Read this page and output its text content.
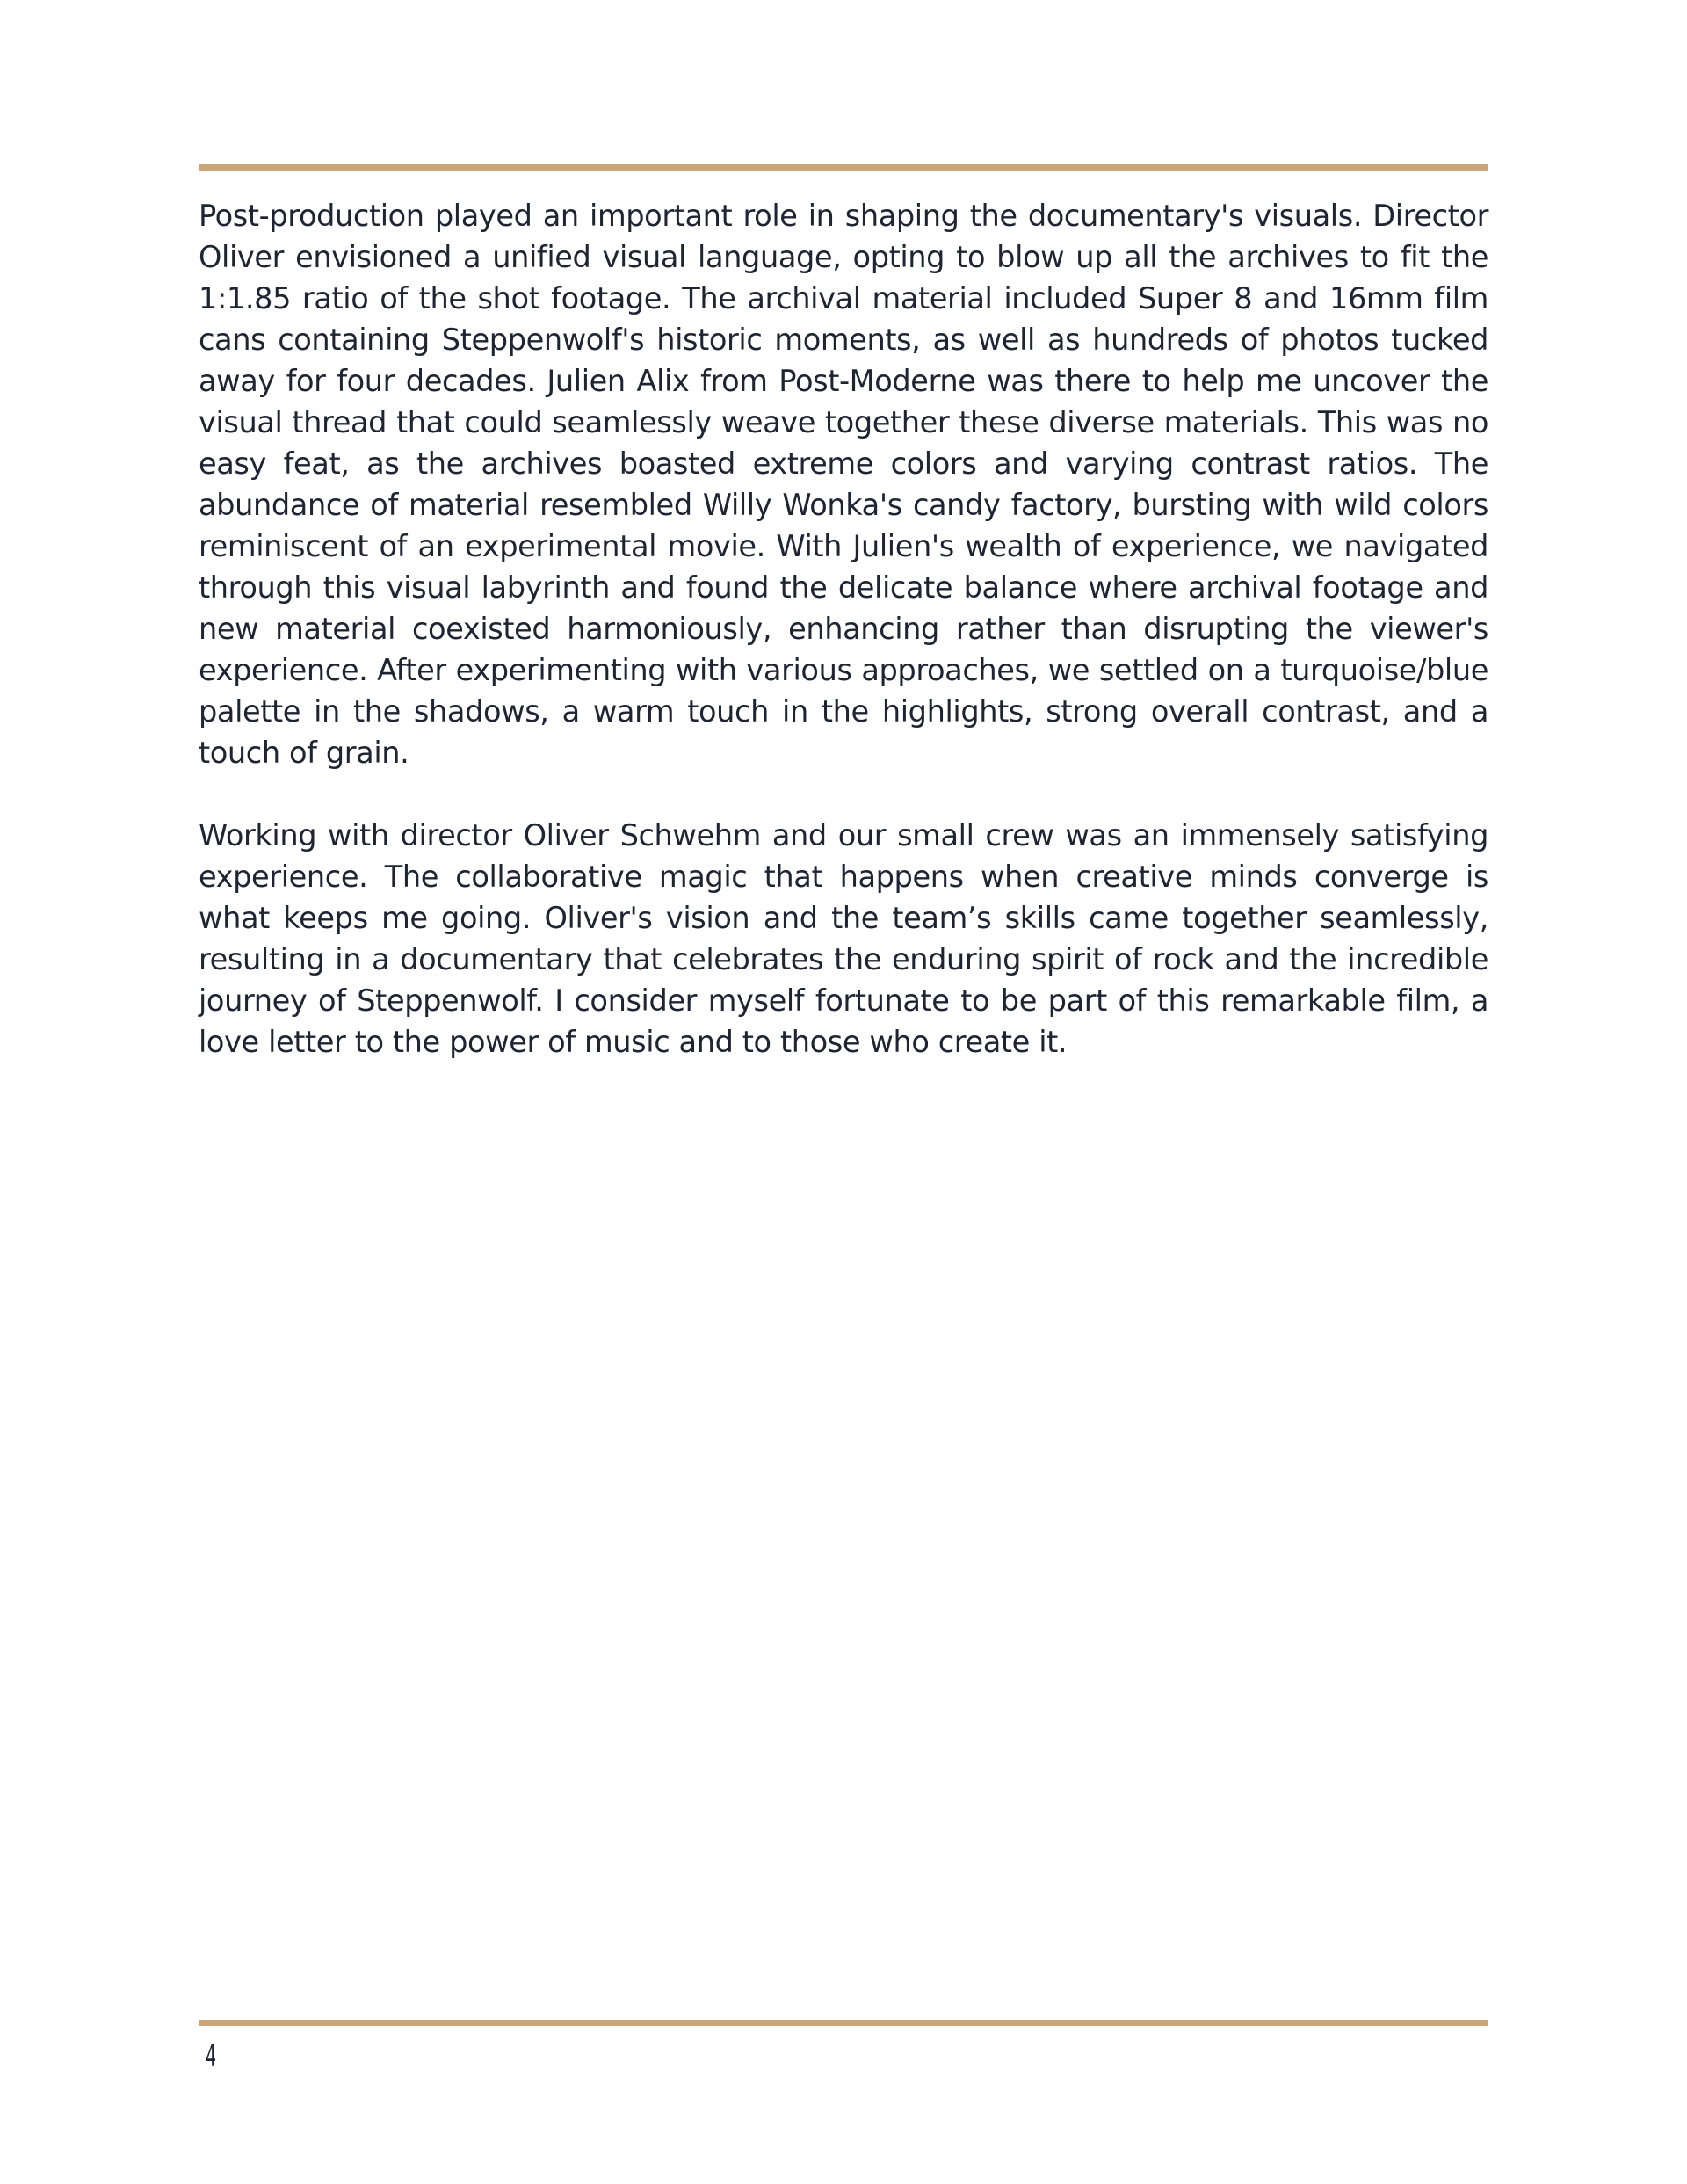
Post-production played an important role in shaping the documentary's visuals. Director Oliver envisioned a unified visual language, opting to blow up all the archives to fit the 1:1.85 ratio of the shot footage. The archival material included Super 8 and 16mm film cans containing Steppenwolf's historic moments, as well as hundreds of photos tucked away for four decades. Julien Alix from Post-Moderne was there to help me uncover the visual thread that could seamlessly weave together these diverse materials. This was no easy feat, as the archives boasted extreme colors and varying contrast ratios. The abundance of material resembled Willy Wonka's candy factory, bursting with wild colors reminiscent of an experimental movie. With Julien's wealth of experience, we navigated through this visual labyrinth and found the delicate balance where archival footage and new material coexisted harmoniously, enhancing rather than disrupting the viewer's experience. After experimenting with various approaches, we settled on a turquoise/blue palette in the shadows, a warm touch in the highlights, strong overall contrast, and a touch of grain.

Working with director Oliver Schwehm and our small crew was an immensely satisfying experience. The collaborative magic that happens when creative minds converge is what keeps me going. Oliver's vision and the team’s skills came together seamlessly, resulting in a documentary that celebrates the enduring spirit of rock and the incredible journey of Steppenwolf. I consider myself fortunate to be part of this remarkable film, a love letter to the power of music and to those who create it.

4
